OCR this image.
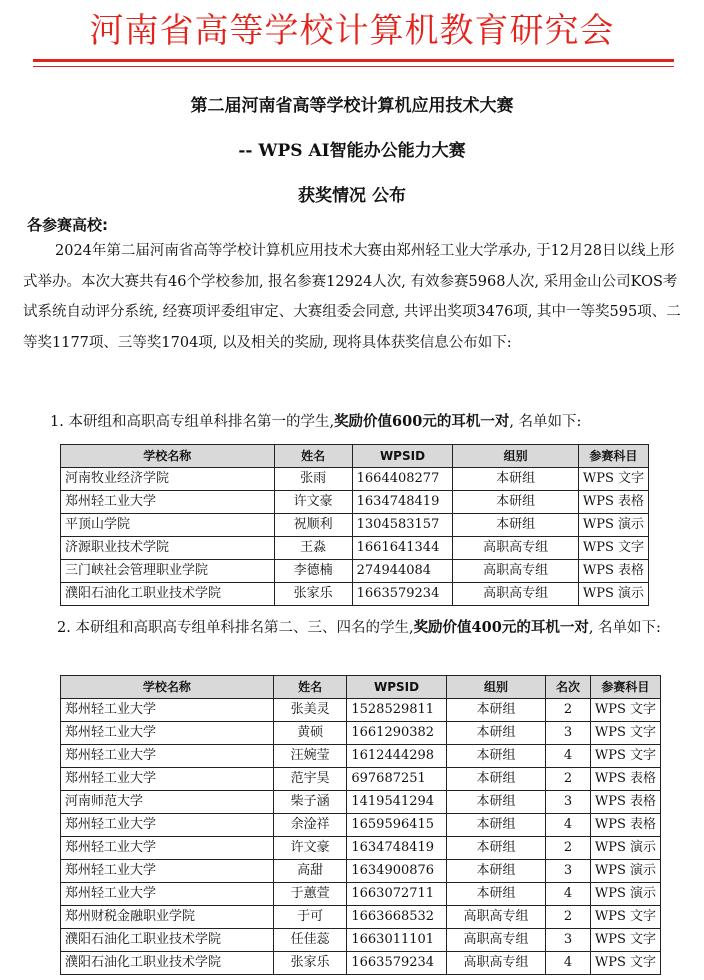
河南省高等学校计算机教育研究会
第二届河南省高等学校计算机应用技术大赛
-- WPS AI智能办公能力大赛
获奖情况 公布
各参赛高校:
2024年第二届河南省高等学校计算机应用技术大赛由郑州轻工业大学承办, 于12月28日以线上形式举办。本次大赛共有46个学校参加, 报名参赛12924人次, 有效参赛5968人次, 采用金山公司KOS考试系统自动评分系统, 经赛项评委组审定、大赛组委会同意, 共评出奖项3476项, 其中一等奖595项、二等奖1177项、三等奖1704项, 以及相关的奖励, 现将具体获奖信息公布如下:
1. 本研组和高职高专组单科排名第一的学生,奖励价值600元的耳机一对, 名单如下:
学校名称	姓名	WPSID	组别	参赛科目
河南牧业经济学院	张雨	1664408277	本研组	WPS 文字
郑州轻工业大学	许文豪	1634748419	本研组	WPS 表格
平顶山学院	祝顺利	1304583157	本研组	WPS 演示
济源职业技术学院	王淼	1661641344	高职高专组	WPS 文字
三门峡社会管理职业学院	李德楠	274944084	高职高专组	WPS 表格
濮阳石油化工职业技术学院	张家乐	1663579234	高职高专组	WPS 演示
2. 本研组和高职高专组单科排名第二、三、四名的学生,奖励价值400元的耳机一对, 名单如下:
学校名称	姓名	WPSID	组别	名次	参赛科目
郑州轻工业大学	张美灵	1528529811	本研组	2	WPS 文字
郑州轻工业大学	黄硕	1661290382	本研组	3	WPS 文字
郑州轻工业大学	汪婉莹	1612444298	本研组	4	WPS 文字
郑州轻工业大学	范宇昊	697687251	本研组	2	WPS 表格
河南师范大学	柴子涵	1419541294	本研组	3	WPS 表格
郑州轻工业大学	余淦祥	1659596415	本研组	4	WPS 表格
郑州轻工业大学	许文豪	1634748419	本研组	2	WPS 演示
郑州轻工业大学	高甜	1634900876	本研组	3	WPS 演示
郑州轻工业大学	于蕙萱	1663072711	本研组	4	WPS 演示
郑州财税金融职业学院	于可	1663668532	高职高专组	2	WPS 文字
濮阳石油化工职业技术学院	任佳蕊	1663011101	高职高专组	3	WPS 文字
濮阳石油化工职业技术学院	张家乐	1663579234	高职高专组	4	WPS 文字
